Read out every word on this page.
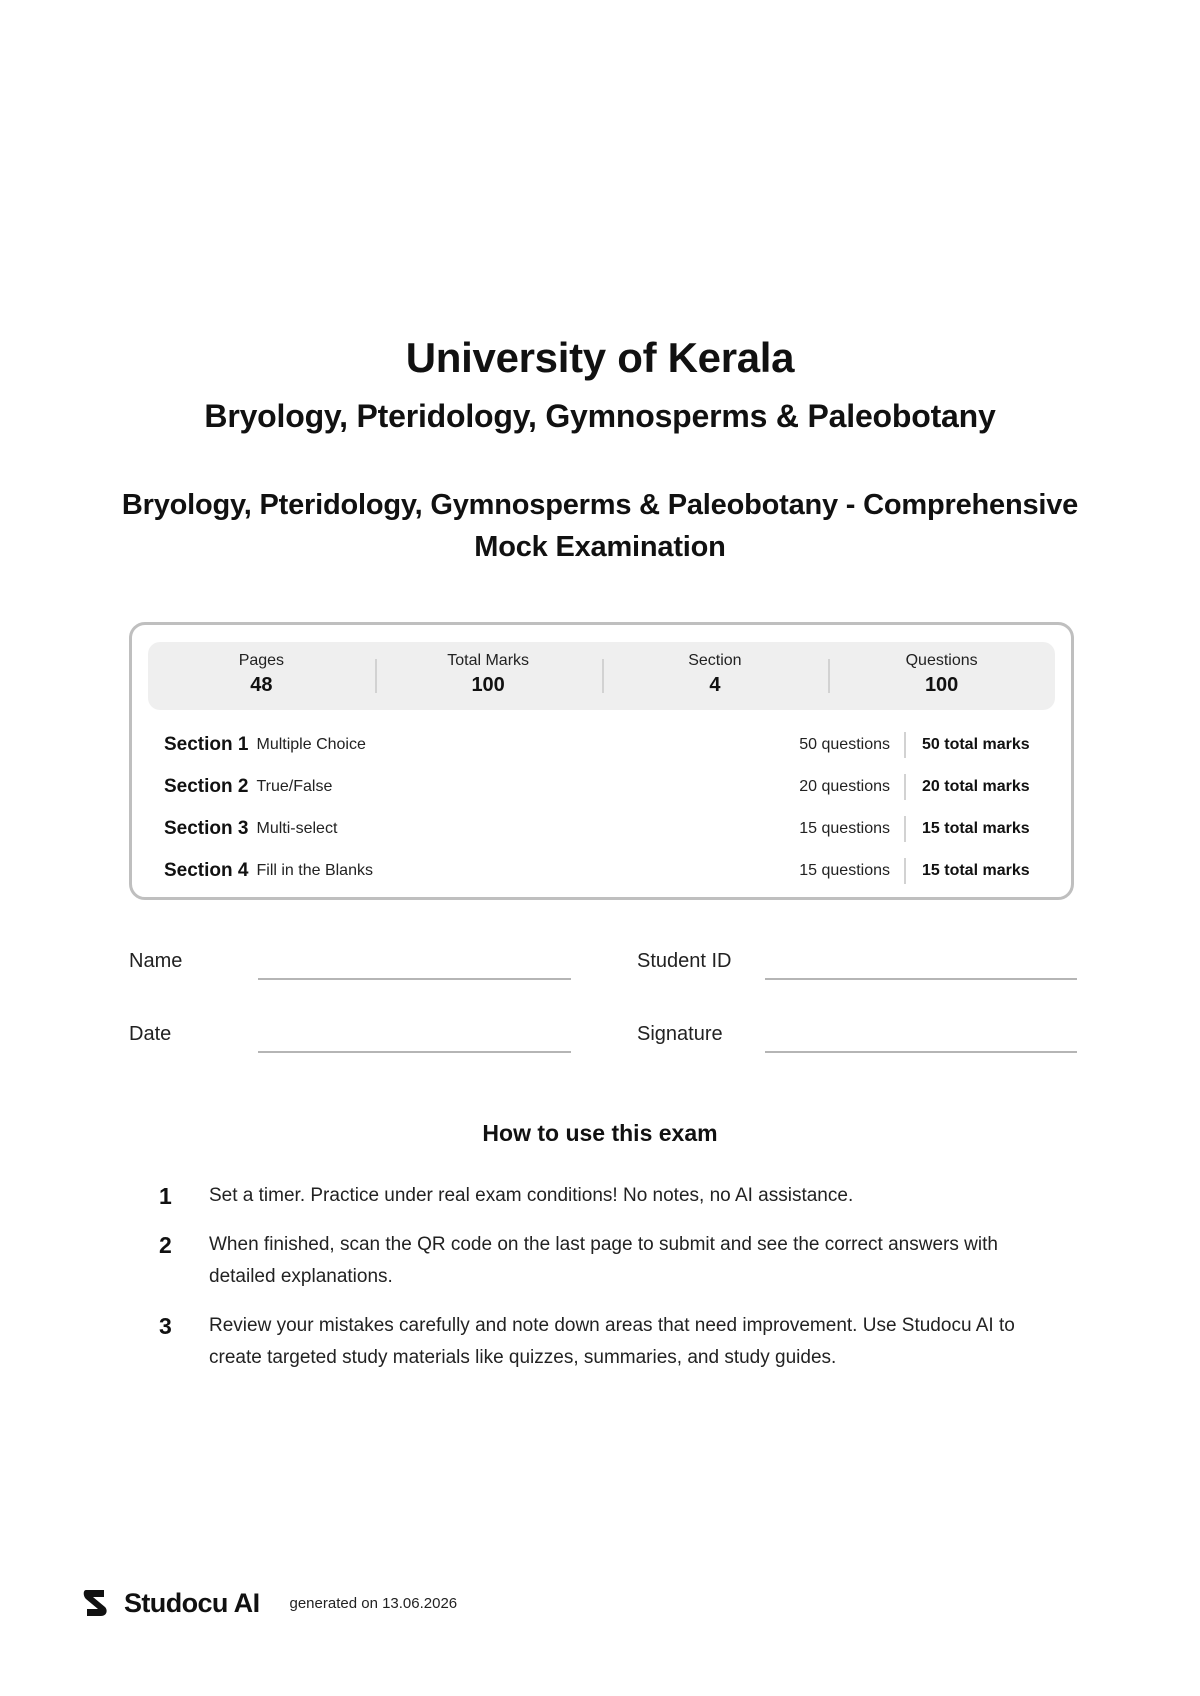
University of Kerala
Bryology, Pteridology, Gymnosperms & Paleobotany
Bryology, Pteridology, Gymnosperms & Paleobotany - Comprehensive Mock Examination
Pages
48
Total Marks
100
Section
4
Questions
100
Section 1 Multiple Choice	50 questions	50 total marks
Section 2 True/False	20 questions	20 total marks
Section 3 Multi-select	15 questions	15 total marks
Section 4 Fill in the Blanks	15 questions	15 total marks
Name	Student ID
Date	Signature
How to use this exam
1	Set a timer. Practice under real exam conditions! No notes, no AI assistance.
2	When finished, scan the QR code on the last page to submit and see the correct answers with detailed explanations.
3	Review your mistakes carefully and note down areas that need improvement. Use Studocu AI to create targeted study materials like quizzes, summaries, and study guides.
Studocu AI generated on 13.06.2026
